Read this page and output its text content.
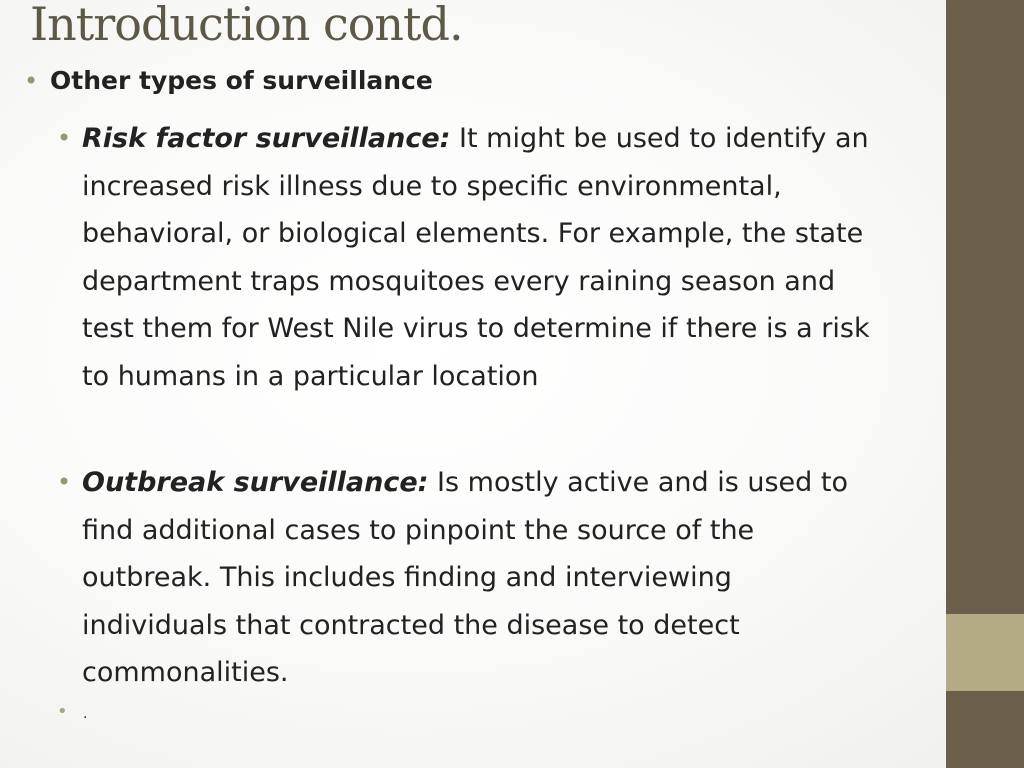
Introduction contd.
• Other types of surveillance
• Risk factor surveillance: It might be used to identify an increased risk illness due to specific environmental, behavioral, or biological elements. For example, the state department traps mosquitoes every raining season and test them for West Nile virus to determine if there is a risk to humans in a particular location
• Outbreak surveillance: Is mostly active and is used to find additional cases to pinpoint the source of the outbreak. This includes finding and interviewing individuals that contracted the disease to detect commonalities.
• .
